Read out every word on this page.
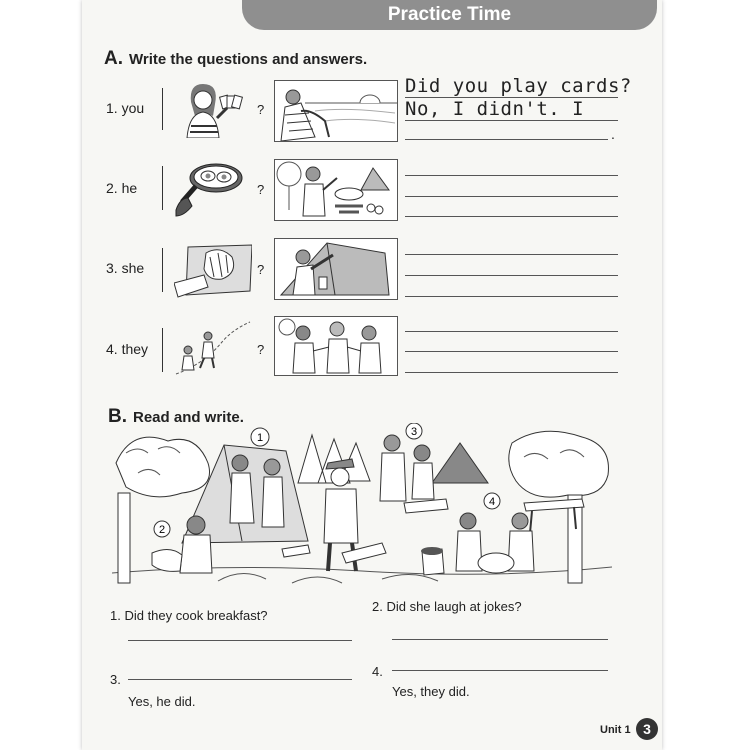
Practice Time
A. Write the questions and answers.
1. you	?
Did you play cards?
No, I didn't. I
.
2. he	?
3. she	?
4. they	?
B. Read and write.
1	3
4
2
1. Did they cook breakfast?
2. Did she laugh at jokes?
3.
Yes, he did.
4.
Yes, they did.
Unit 1 3
